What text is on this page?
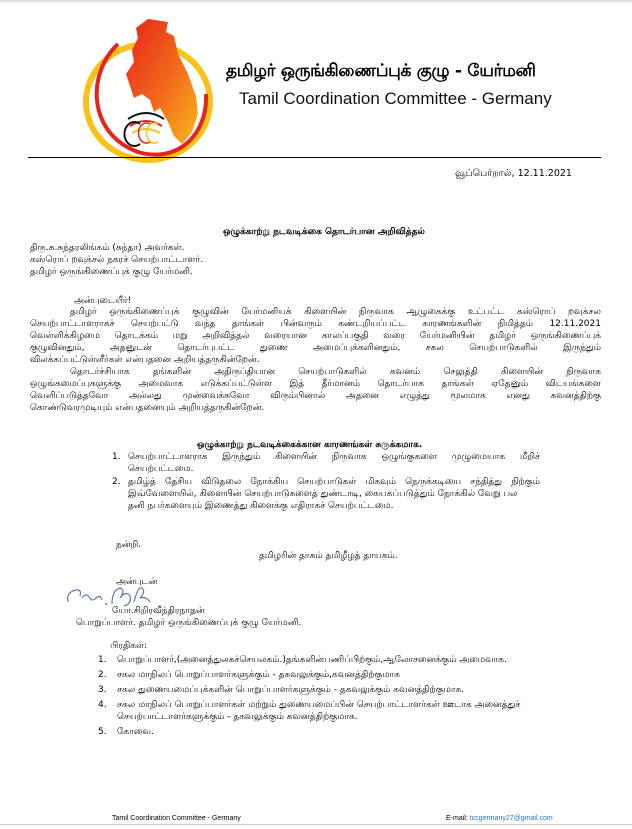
தமிழர் ஒருங்கிணைப்புக் குழு - யேர்மனி
Tamil Coordination Committee - Germany
வூப்பெர்றால், 12.11.2021
ஒழுக்காற்று நடவடிக்கை தொடர்பான அறிவித்தல்
திரு.சு.சுந்தரலிங்கம் (சுந்தா) அவர்கள்.
கஸ்ரொப் றவுக்சல் நகரச் செயற்பாட்டாளர்.
தமிழர் ஒருங்கிணைப்புக் குழு யேர்மனி.
அன்புடையீர்!
தமிழர் ஒருங்கிணைப்புக் குழுவின் யேர்மனியக் கிளையின் நிருவாக ஆழுகைக்கு உட்பட்ட கஸ்ரொப் றவுக்சல
செயற்பாட்டாளராகச் செயற்பட்டு வந்த தாங்கள் பின்வரும் கண்டறியப்பட்ட காரணங்களின் நிமித்தம் 12.11.2021
வெள்ளிக்கிழமை தொடக்கம் மறு அறிவித்தல் வரையான காலப்பகுதி வரை யேர்மனியின் தமிழர் ஒருங்கிணைப்புக்
குழுவினதும், அதனுடன் தொடர்புபட்ட துணை அமைப்புக்களினதும், சகல செயற்பாடுகளில் இருந்தும்
விலக்கப்பட்டுள்ளீர்கள் என்பதனை அறியத்தருகின்றேன்.
தொடர்ச்சியாக தங்களின் அதிருப்தியான செயற்பாடுகளில் கவனம் செலுத்தி கிளையின் நிருவாக
ஒழுங்கமைப்புகளுக்கு அமைவாக எடுக்கப்பட்டுள்ள இத் தீர்மானம் தொடர்பாக தாங்கள் ஏதேனும் விடயங்களை
வெளிப்படுத்தவோ அல்லது முன்வைக்கவோ விரும்பினால் அதனை எழுத்து மூலமாக எனது கவனத்திற்கு
கொண்டுவரமுடியும் என்பதனையும் அறியத்தருகின்றேன்.
ஒழுக்காற்று நடவடிக்கைக்கான காரணங்கள் சுருக்கமாக.
1. செயற்பாட்டாளராக இருந்தும் கிளையின் நிருவாக ஒழுங்குகளை முழுமையாக மீறிச்
செயற்பட்டமை.
2. தமிழ்த் தேசிய விடுதலை நோக்கிய செயற்பாடுகள் மிகவும் நெருக்கடியை சந்தித்து நிற்கும்
இவ்வேளையில், கிளையின் செயற்பாடுகளைத் துண்டாடி, கையகப்படுத்தும் நோக்கில் வேறு பல
தனி நபர்களையும் இணைத்து கிளைக்கு எதிராகச் செயற்பட்டமை.
நன்றி.
தமிழரின் தாகம் தமிழீழத் தாயகம்.
அன்புடன்
யோ.சிறிரவீந்திரநாதன்
பொறுப்பாளர். தமிழர் ஒருங்கிணைப்புக் குழு யேர்மனி.
பிரதிகள்:
1. பொறுப்பாளர்,(அனைத்துலகச்செயலகம்.)தங்களின்பணிப்பிற்கும்,ஆலோசனைக்கும் அமைவாக.
2. சகல மாநிலப் பொறுப்பாளர்களுக்கும் - தகவலுக்கும்,கவனத்திற்குமாக
3. சகல துணையமைப்புக்களின் பொறுப்பாளர்களுக்கும் - தகவலுக்கும் கவனத்திற்குமாக.
4. சகல மாநிலப் பொறுப்பாளர்கள் மற்றும் துணையமைப்பின் செயற்பாட்டாளர்கள் ஊடாக அனைத்துச்
செயற்பாட்டாளர்களுக்கும் - தகவலுக்கும் கவனத்திற்குமாக.
5. கோவை.
Tamil Coordination Committee - Germany	E-mail: tccgermany27@gmail.com
